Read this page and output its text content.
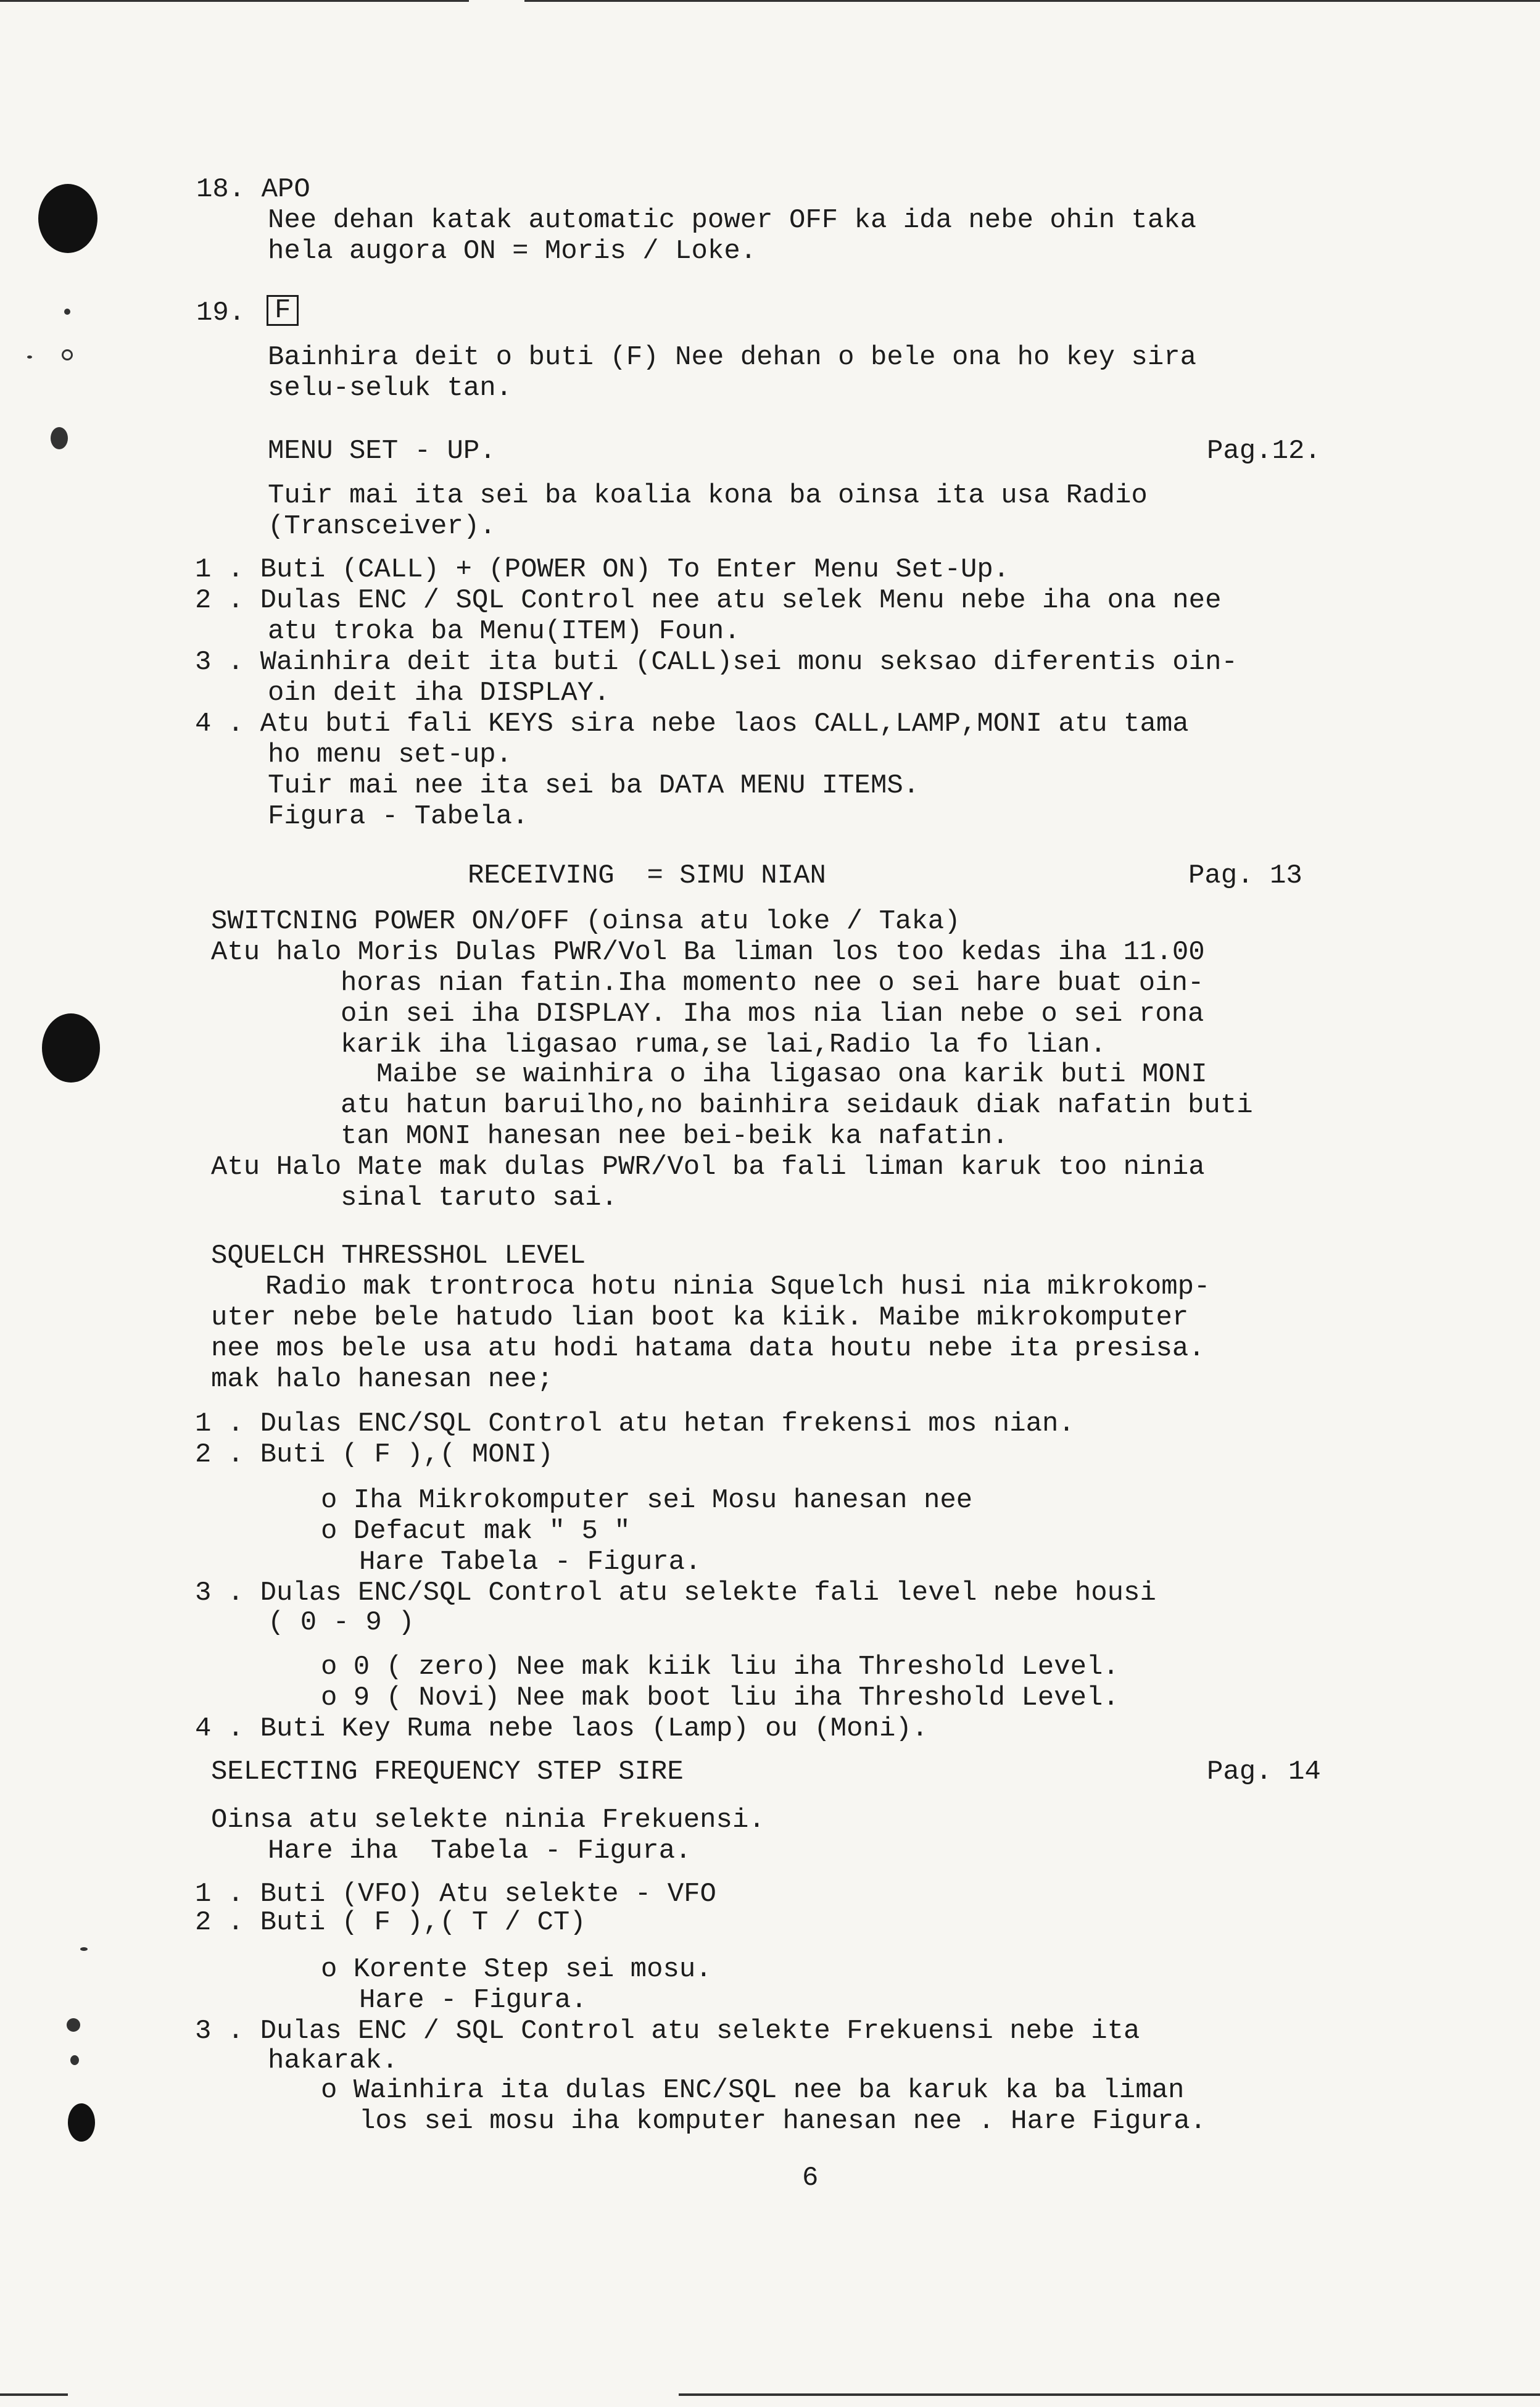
18. APO
Nee dehan katak automatic power OFF ka ida nebe ohin taka
hela augora ON = Moris / Loke.
19. F
Bainhira deit o buti (F) Nee dehan o bele ona ho key sira
selu-seluk tan.
MENU SET - UP.	Pag.12.
Tuir mai ita sei ba koalia kona ba oinsa ita usa Radio
(Transceiver).
1 . Buti (CALL) + (POWER ON) To Enter Menu Set-Up.
2 . Dulas ENC / SQL Control nee atu selek Menu nebe iha ona nee
atu troka ba Menu(ITEM) Foun.
3 . Wainhira deit ita buti (CALL)sei monu seksao diferentis oin-
oin deit iha DISPLAY.
4 . Atu buti fali KEYS sira nebe laos CALL,LAMP,MONI atu tama
ho menu set-up.
Tuir mai nee ita sei ba DATA MENU ITEMS.
Figura - Tabela.
RECEIVING  = SIMU NIAN	Pag. 13
SWITCNING POWER ON/OFF (oinsa atu loke / Taka)
Atu halo Moris Dulas PWR/Vol Ba liman los too kedas iha 11.00
horas nian fatin.Iha momento nee o sei hare buat oin-
oin sei iha DISPLAY. Iha mos nia lian nebe o sei rona
karik iha ligasao ruma,se lai,Radio la fo lian.
Maibe se wainhira o iha ligasao ona karik buti MONI
atu hatun baruilho,no bainhira seidauk diak nafatin buti
tan MONI hanesan nee bei-beik ka nafatin.
Atu Halo Mate mak dulas PWR/Vol ba fali liman karuk too ninia
sinal taruto sai.
SQUELCH THRESSHOL LEVEL
Radio mak trontroca hotu ninia Squelch husi nia mikrokomp-
uter nebe bele hatudo lian boot ka kiik. Maibe mikrokomputer
nee mos bele usa atu hodi hatama data houtu nebe ita presisa.
mak halo hanesan nee;
1 . Dulas ENC/SQL Control atu hetan frekensi mos nian.
2 . Buti ( F ),( MONI)
o Iha Mikrokomputer sei Mosu hanesan nee
o Defacut mak " 5 "
Hare Tabela - Figura.
3 . Dulas ENC/SQL Control atu selekte fali level nebe housi
( 0 - 9 )
o 0 ( zero) Nee mak kiik liu iha Threshold Level.
o 9 ( Novi) Nee mak boot liu iha Threshold Level.
4 . Buti Key Ruma nebe laos (Lamp) ou (Moni).
SELECTING FREQUENCY STEP SIRE	Pag. 14
Oinsa atu selekte ninia Frekuensi.
Hare iha  Tabela - Figura.
1 . Buti (VFO) Atu selekte - VFO
2 . Buti ( F ),( T / CT)
o Korente Step sei mosu.
Hare - Figura.
3 . Dulas ENC / SQL Control atu selekte Frekuensi nebe ita
hakarak.
o Wainhira ita dulas ENC/SQL nee ba karuk ka ba liman
los sei mosu iha komputer hanesan nee . Hare Figura.
6
